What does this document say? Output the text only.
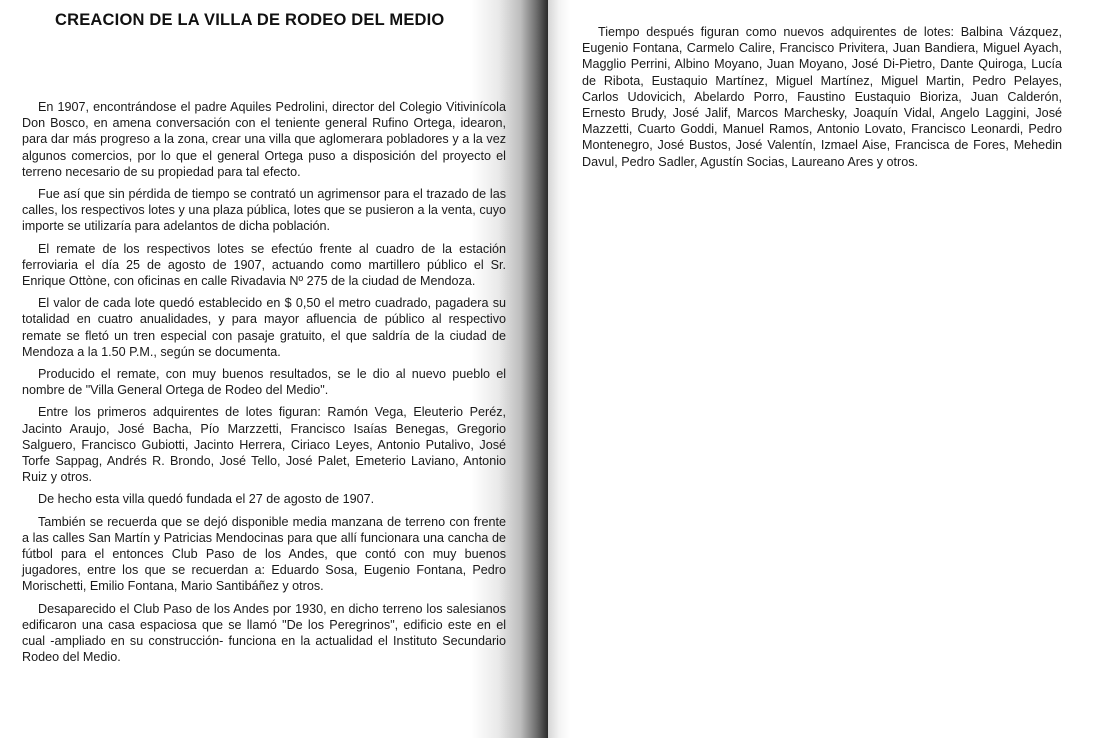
CREACION DE LA VILLA DE RODEO DEL MEDIO

En 1907, encontrándose el padre Aquiles Pedrolini, director del Colegio Vitivinícola Don Bosco, en amena conversación con el teniente general Rufino Ortega, idearon, para dar más progreso a la zona, crear una villa que aglomerara pobladores y a la vez algunos comercios, por lo que el general Ortega puso a disposición del proyecto el terreno necesario de su propiedad para tal efecto.

Fue así que sin pérdida de tiempo se contrató un agrimensor para el trazado de las calles, los respectivos lotes y una plaza pública, lotes que se pusieron a la venta, cuyo importe se utilizaría para adelantos de dicha población.

El remate de los respectivos lotes se efectúo frente al cuadro de la estación ferroviaria el día 25 de agosto de 1907, actuando como martillero público el Sr. Enrique Ottòne, con oficinas en calle Rivadavia Nº 275 de la ciudad de Mendoza.

El valor de cada lote quedó establecido en $ 0,50 el metro cuadrado, pagadera su totalidad en cuatro anualidades, y para mayor afluencia de público al respectivo remate se fletó un tren especial con pasaje gratuito, el que saldría de la ciudad de Mendoza a la 1.50 P.M., según se documenta.

Producido el remate, con muy buenos resultados, se le dio al nuevo pueblo el nombre de "Villa General Ortega de Rodeo del Medio".

Entre los primeros adquirentes de lotes figuran: Ramón Vega, Eleuterio Peréz, Jacinto Araujo, José Bacha, Pío Marzzetti, Francisco Isaías Benegas, Gregorio Salguero, Francisco Gubiotti, Jacinto Herrera, Ciriaco Leyes, Antonio Putalivo, José Torfe Sappag, Andrés R. Brondo, José Tello, José Palet, Emeterio Laviano, Antonio Ruiz y otros.

De hecho esta villa quedó fundada el 27 de agosto de 1907.

También se recuerda que se dejó disponible media manzana de terreno con frente a las calles San Martín y Patricias Mendocinas para que allí funcionara una cancha de fútbol para el entonces Club Paso de los Andes, que contó con muy buenos jugadores, entre los que se recuerdan a: Eduardo Sosa, Eugenio Fontana, Pedro Morischetti, Emilio Fontana, Mario Santibáñez y otros.

Desaparecido el Club Paso de los Andes por 1930, en dicho terreno los salesianos edificaron una casa espaciosa que se llamó "De los Peregrinos", edificio este en el cual -ampliado en su construcción- funciona en la actualidad el Instituto Secundario Rodeo del Medio.

Tiempo después figuran como nuevos adquirentes de lotes: Balbina Vázquez, Eugenio Fontana, Carmelo Calire, Francisco Privitera, Juan Bandiera, Miguel Ayach, Magglio Perrini, Albino Moyano, Juan Moyano, José Di-Pietro, Dante Quiroga, Lucía de Ribota, Eustaquio Martínez, Miguel Martínez, Miguel Martin, Pedro Pelayes, Carlos Udovicich, Abelardo Porro, Faustino Eustaquio Bioriza, Juan Calderón, Ernesto Brudy, José Jalif, Marcos Marchesky, Joaquín Vidal, Angelo Laggini, José Mazzetti, Cuarto Goddi, Manuel Ramos, Antonio Lovato, Francisco Leonardi, Pedro Montenegro, José Bustos, José Valentín, Izmael Aise, Francisca de Fores, Mehedin Davul, Pedro Sadler, Agustín Socias, Laureano Ares y otros.
